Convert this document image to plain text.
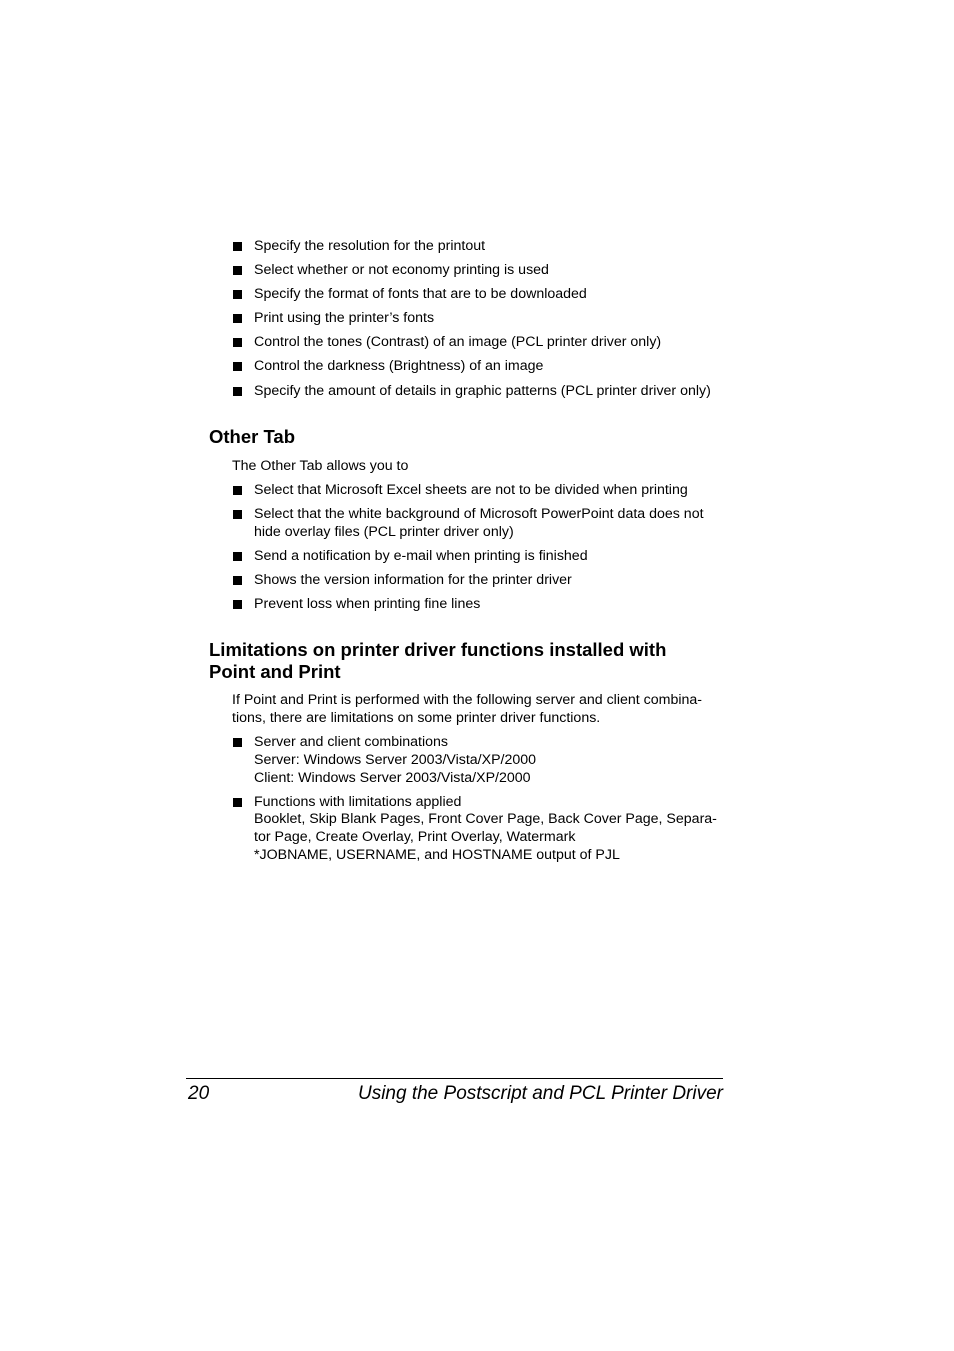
Specify the resolution for the printout
Select whether or not economy printing is used
Specify the format of fonts that are to be downloaded
Print using the printer’s fonts
Control the tones (Contrast) of an image (PCL printer driver only)
Control the darkness (Brightness) of an image
Specify the amount of details in graphic patterns (PCL printer driver only)
Other Tab

The Other Tab allows you to

Select that Microsoft Excel sheets are not to be divided when printing
Select that the white background of Microsoft PowerPoint data does not
hide overlay files (PCL printer driver only)
Send a notification by e-mail when printing is finished
Shows the version information for the printer driver
Prevent loss when printing fine lines
Limitations on printer driver functions installed with
Point and Print

If Point and Print is performed with the following server and client combina-
tions, there are limitations on some printer driver functions.

Server and client combinations
Server: Windows Server 2003/Vista/XP/2000
Client: Windows Server 2003/Vista/XP/2000
Functions with limitations applied
Booklet, Skip Blank Pages, Front Cover Page, Back Cover Page, Separa-
tor Page, Create Overlay, Print Overlay, Watermark
*JOBNAME, USERNAME, and HOSTNAME output of PJL
20	Using the Postscript and PCL Printer Driver
